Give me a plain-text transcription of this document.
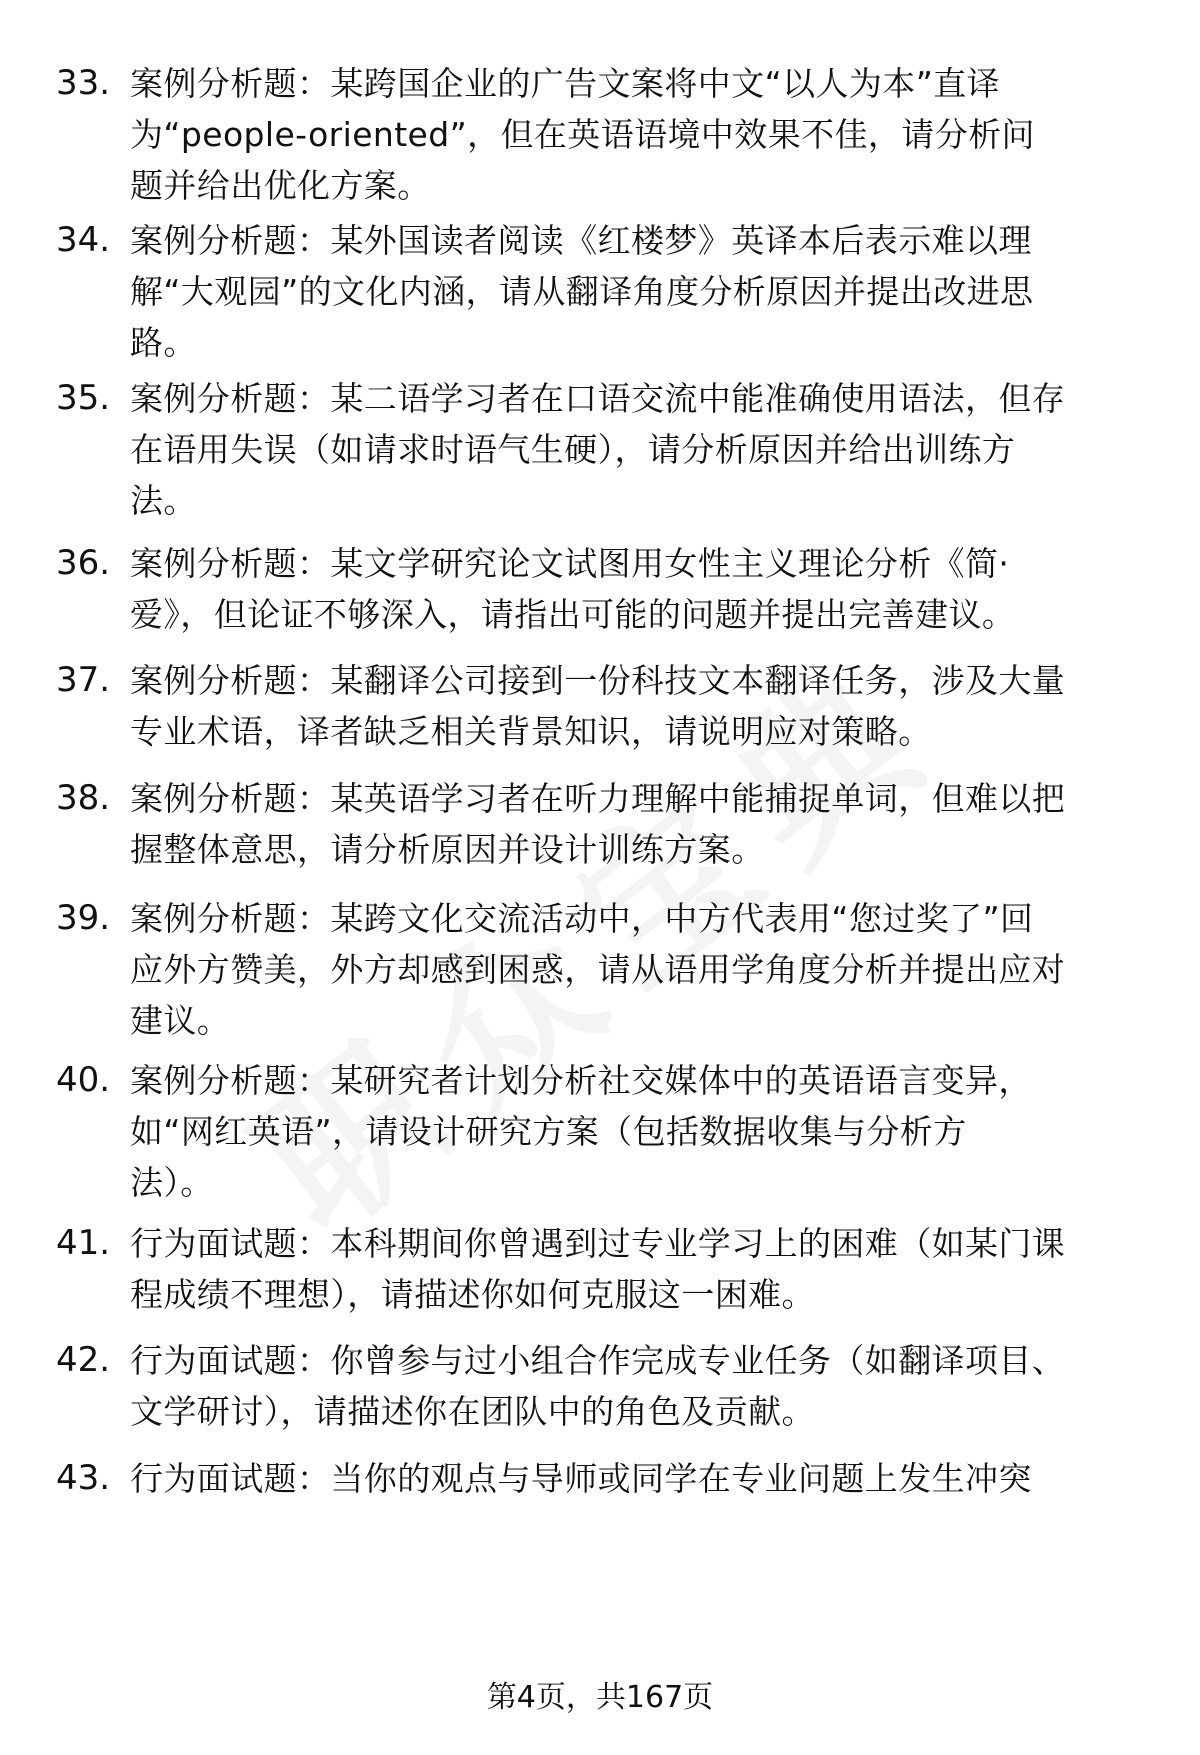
33. 案例分析题：某跨国企业的广告文案将中文“以人为本”直译
为“people-oriented”，但在英语语境中效果不佳，请分析问
题并给出优化方案。
34. 案例分析题：某外国读者阅读《红楼梦》英译本后表示难以理
解“大观园”的文化内涵，请从翻译角度分析原因并提出改进思
路。
35. 案例分析题：某二语学习者在口语交流中能准确使用语法，但存
在语用失误（如请求时语气生硬），请分析原因并给出训练方
法。
36. 案例分析题：某文学研究论文试图用女性主义理论分析《简·
爱》，但论证不够深入，请指出可能的问题并提出完善建议。
37. 案例分析题：某翻译公司接到一份科技文本翻译任务，涉及大量
专业术语，译者缺乏相关背景知识，请说明应对策略。
38. 案例分析题：某英语学习者在听力理解中能捕捉单词，但难以把
握整体意思，请分析原因并设计训练方案。
39. 案例分析题：某跨文化交流活动中，中方代表用“您过奖了”回
应外方赞美，外方却感到困惑，请从语用学角度分析并提出应对
建议。
40. 案例分析题：某研究者计划分析社交媒体中的英语语言变异，
如“网红英语”，请设计研究方案（包括数据收集与分析方
法）。
41. 行为面试题：本科期间你曾遇到过专业学习上的困难（如某门课
程成绩不理想），请描述你如何克服这一困难。
42. 行为面试题：你曾参与过小组合作完成专业任务（如翻译项目、
文学研讨），请描述你在团队中的角色及贡献。
43. 行为面试题：当你的观点与导师或同学在专业问题上发生冲突
第4页，共167页
